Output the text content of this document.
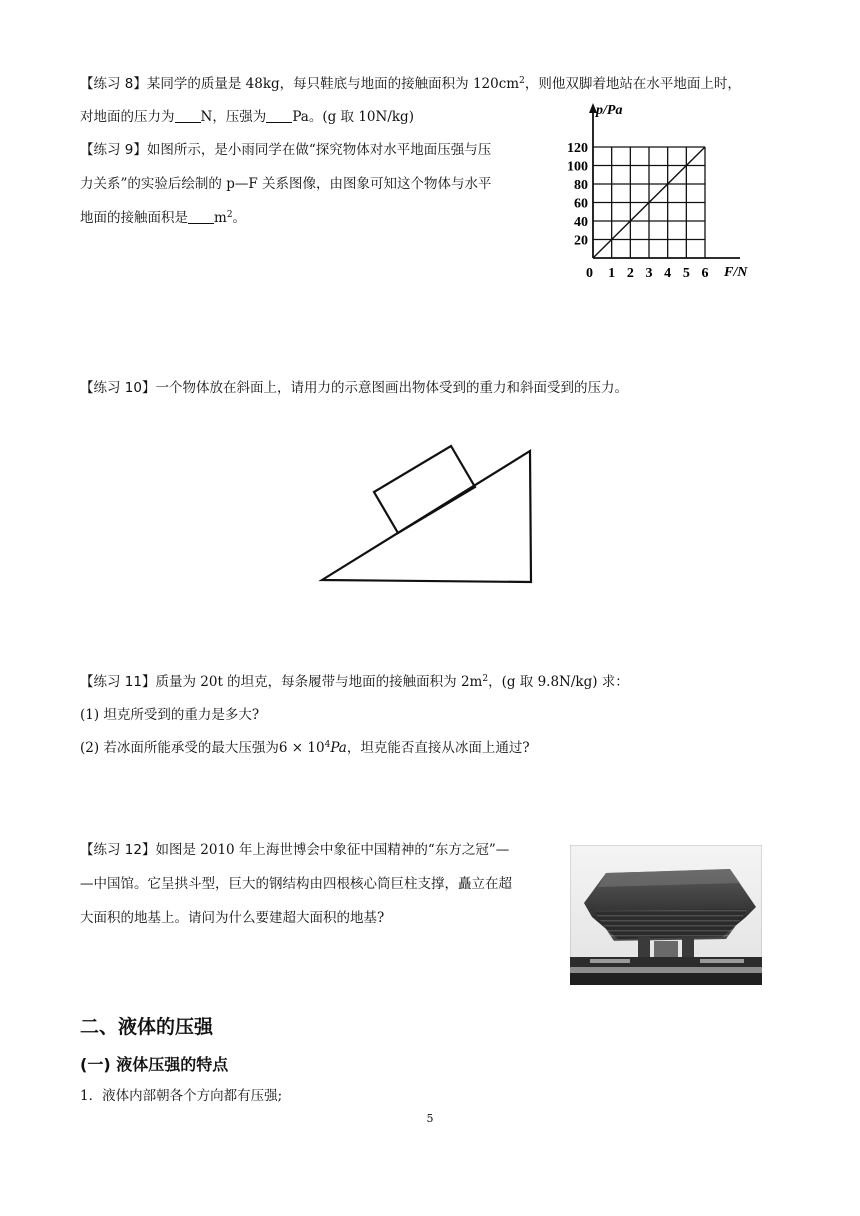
【练习 8】某同学的质量是 48kg，每只鞋底与地面的接触面积为 $120cm^2$，则他双脚着地站在水平地面上时，
对地面的压力为 N，压强为 Pa。(g 取 10N/kg)
【练习 9】如图所示，是小雨同学在做“探究物体对水平地面压强与压
力关系”的实验后绘制的 p—F 关系图像，由图象可知这个物体与水平
地面的接触面积是 $m^2$。
1 2 3 4 5 6
20
40
60
80
100
120
p/Pa
F/N
0
【练习 10】一个物体放在斜面上，请用力的示意图画出物体受到的重力和斜面受到的压力。
【练习 11】质量为 20t 的坦克，每条履带与地面的接触面积为 $2m^2$，(g 取 9.8N/kg) 求：
(1) 坦克所受到的重力是多大?
(2) 若冰面所能承受的最大压强为$6 \times 10^4Pa$，坦克能否直接从冰面上通过?
【练习 12】如图是 2010 年上海世博会中象征中国精神的“东方之冠”—
—中国馆。它呈拱斗型，巨大的钢结构由四根核心筒巨柱支撑，矗立在超
大面积的地基上。请问为什么要建超大面积的地基?
二、液体的压强
(一) 液体压强的特点
1．液体内部朝各个方向都有压强;
5
